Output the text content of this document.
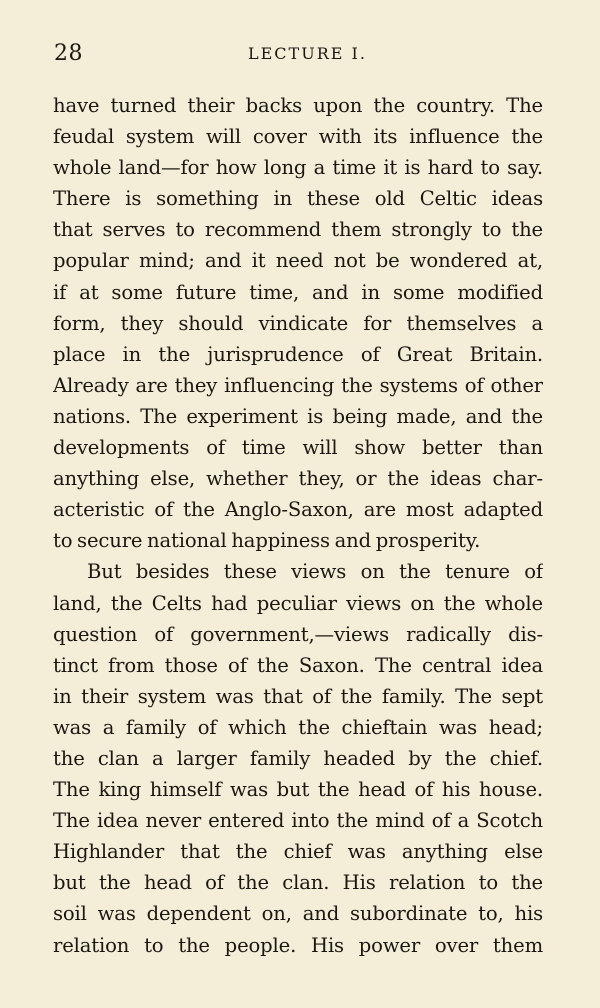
28	LECTURE I.
have turned their backs upon the country. The
feudal system will cover with its influence the
whole land—for how long a time it is hard to say.
There is something in these old Celtic ideas
that serves to recommend them strongly to the
popular mind; and it need not be wondered at,
if at some future time, and in some modified
form, they should vindicate for themselves a
place in the jurisprudence of Great Britain.
Already are they influencing the systems of other
nations. The experiment is being made, and the
developments of time will show better than
anything else, whether they, or the ideas char-
acteristic of the Anglo-Saxon, are most adapted
to secure national happiness and prosperity.
But besides these views on the tenure of
land, the Celts had peculiar views on the whole
question of government,—views radically dis-
tinct from those of the Saxon. The central idea
in their system was that of the family. The sept
was a family of which the chieftain was head;
the clan a larger family headed by the chief.
The king himself was but the head of his house.
The idea never entered into the mind of a Scotch
Highlander that the chief was anything else
but the head of the clan. His relation to the
soil was dependent on, and subordinate to, his
relation to the people. His power over them
